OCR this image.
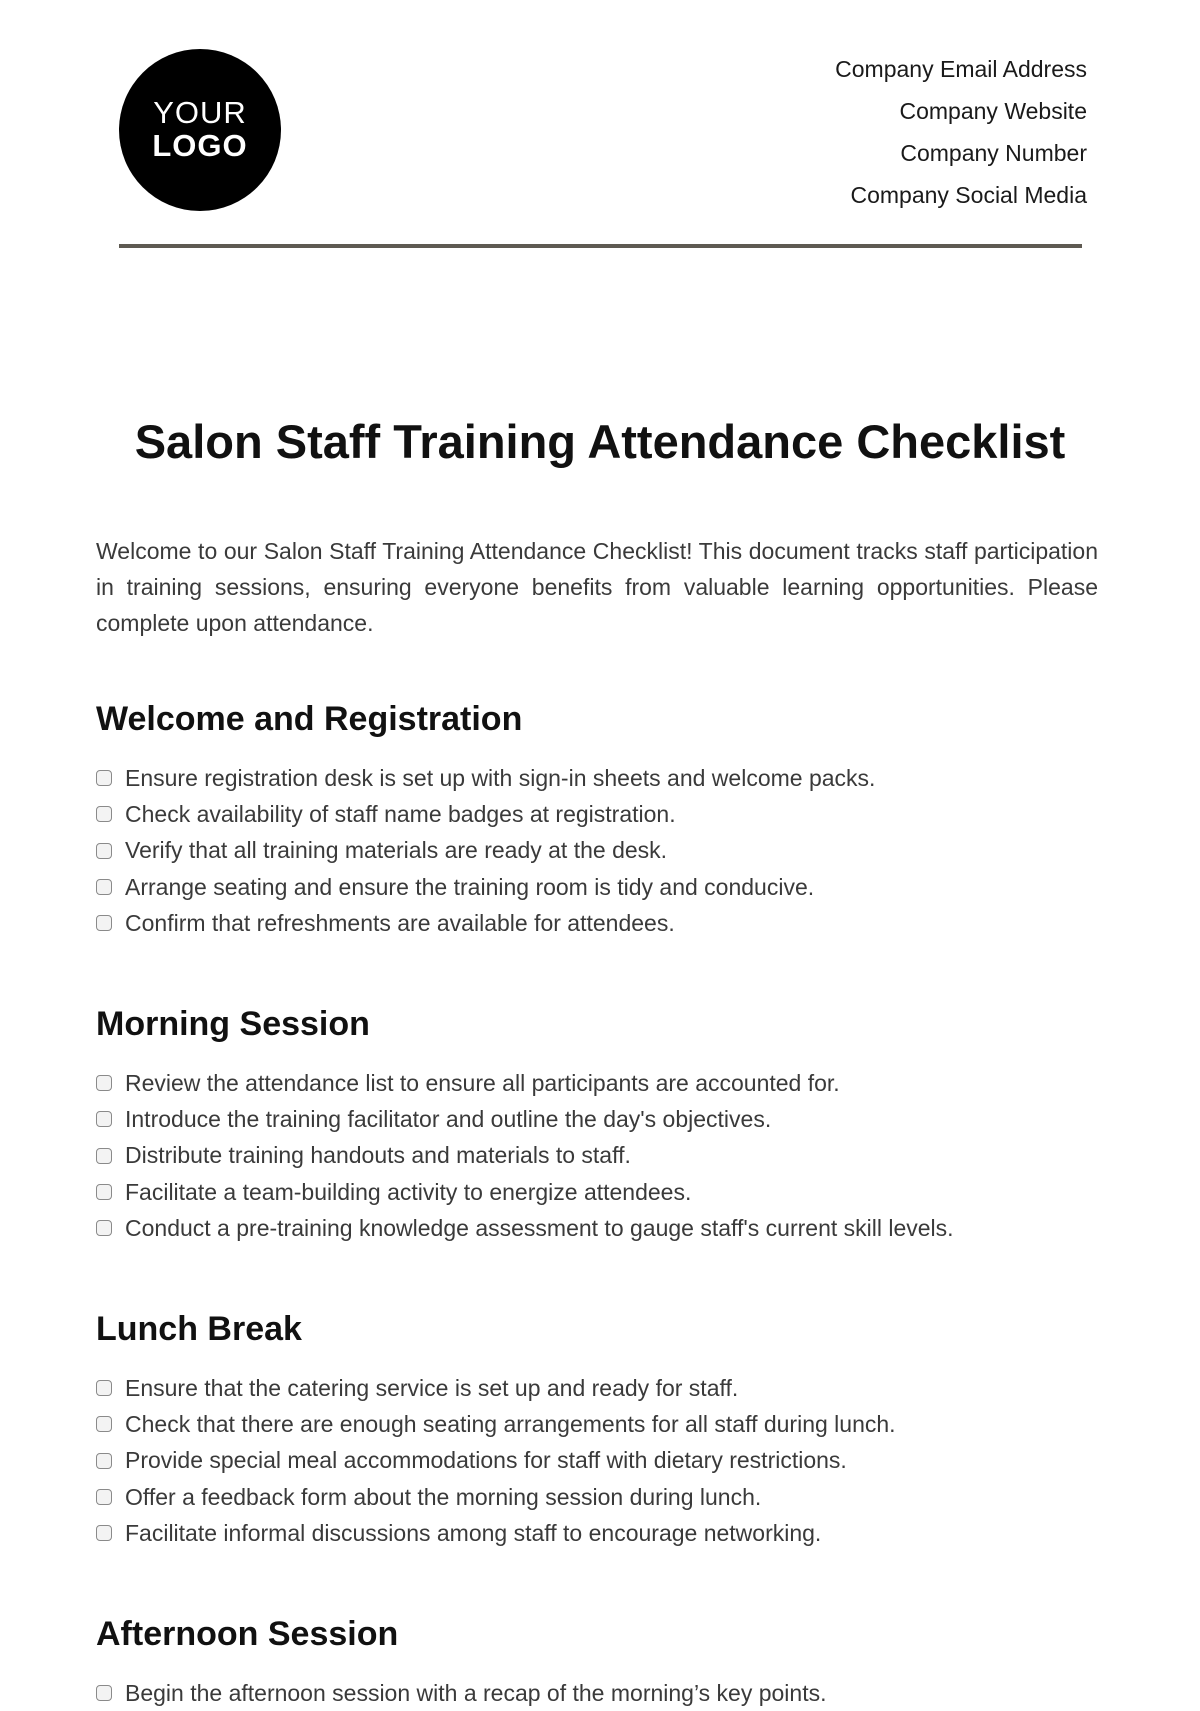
YOUR
LOGO
Company Email Address
Company Website
Company Number
Company Social Media
Salon Staff Training Attendance Checklist

Welcome to our Salon Staff Training Attendance Checklist! This document tracks staff participation in training sessions, ensuring everyone benefits from valuable learning opportunities. Please complete upon attendance.

Welcome and Registration
Ensure registration desk is set up with sign-in sheets and welcome packs.
Check availability of staff name badges at registration.
Verify that all training materials are ready at the desk.
Arrange seating and ensure the training room is tidy and conducive.
Confirm that refreshments are available for attendees.
Morning Session
Review the attendance list to ensure all participants are accounted for.
Introduce the training facilitator and outline the day's objectives.
Distribute training handouts and materials to staff.
Facilitate a team-building activity to energize attendees.
Conduct a pre-training knowledge assessment to gauge staff's current skill levels.
Lunch Break
Ensure that the catering service is set up and ready for staff.
Check that there are enough seating arrangements for all staff during lunch.
Provide special meal accommodations for staff with dietary restrictions.
Offer a feedback form about the morning session during lunch.
Facilitate informal discussions among staff to encourage networking.
Afternoon Session
Begin the afternoon session with a recap of the morning’s key points.
